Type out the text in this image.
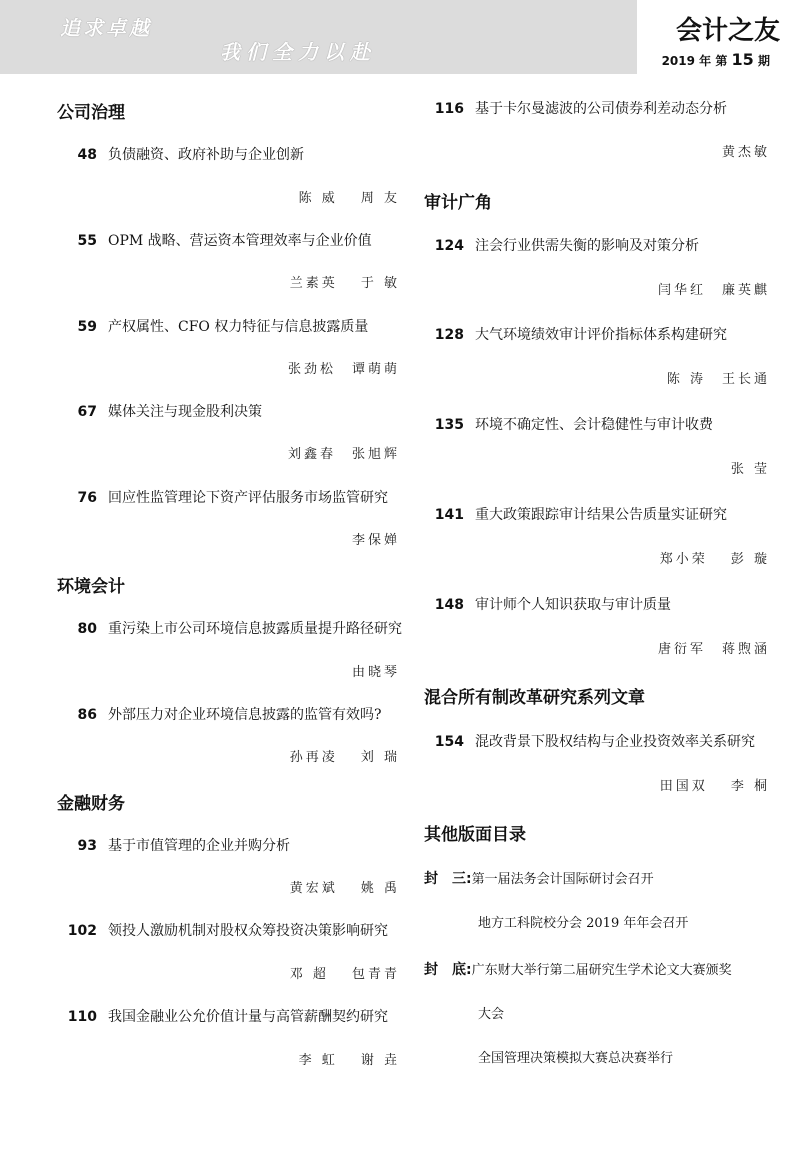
追求卓越
我们全力以赴
会计之友
2019 年 第 15 期
公司治理
48 负债融资、政府补助与企业创新
陈 威　 周 友
55 OPM 战略、营运资本管理效率与企业价值
兰素英　 于 敏
59 产权属性、CFO 权力特征与信息披露质量
张劲松　谭萌萌
67 媒体关注与现金股利决策
刘鑫春　张旭辉
76 回应性监管理论下资产评估服务市场监管研究
李保婵
环境会计
80 重污染上市公司环境信息披露质量提升路径研究
由晓琴
86 外部压力对企业环境信息披露的监管有效吗?
孙再凌　 刘 瑞
金融财务
93 基于市值管理的企业并购分析
黄宏斌　 姚 禹
102 领投人激励机制对股权众筹投资决策影响研究
邓 超　 包青青
110 我国金融业公允价值计量与高管薪酬契约研究
李 虹　 谢 垚
116 基于卡尔曼滤波的公司债券利差动态分析
黄杰敏
审计广角
124 注会行业供需失衡的影响及对策分析
闫华红　廉英麒
128 大气环境绩效审计评价指标体系构建研究
陈 涛　王长通
135 环境不确定性、会计稳健性与审计收费
张 莹
141 重大政策跟踪审计结果公告质量实证研究
郑小荣　 彭 璇
148 审计师个人知识获取与审计质量
唐衍军　蒋煦涵
混合所有制改革研究系列文章
154 混改背景下股权结构与企业投资效率关系研究
田国双　 李 桐
其他版面目录
封　三:第一届法务会计国际研讨会召开
地方工科院校分会 2019 年年会召开
封　底:广东财大举行第二届研究生学术论文大赛颁奖
大会
全国管理决策模拟大赛总决赛举行
